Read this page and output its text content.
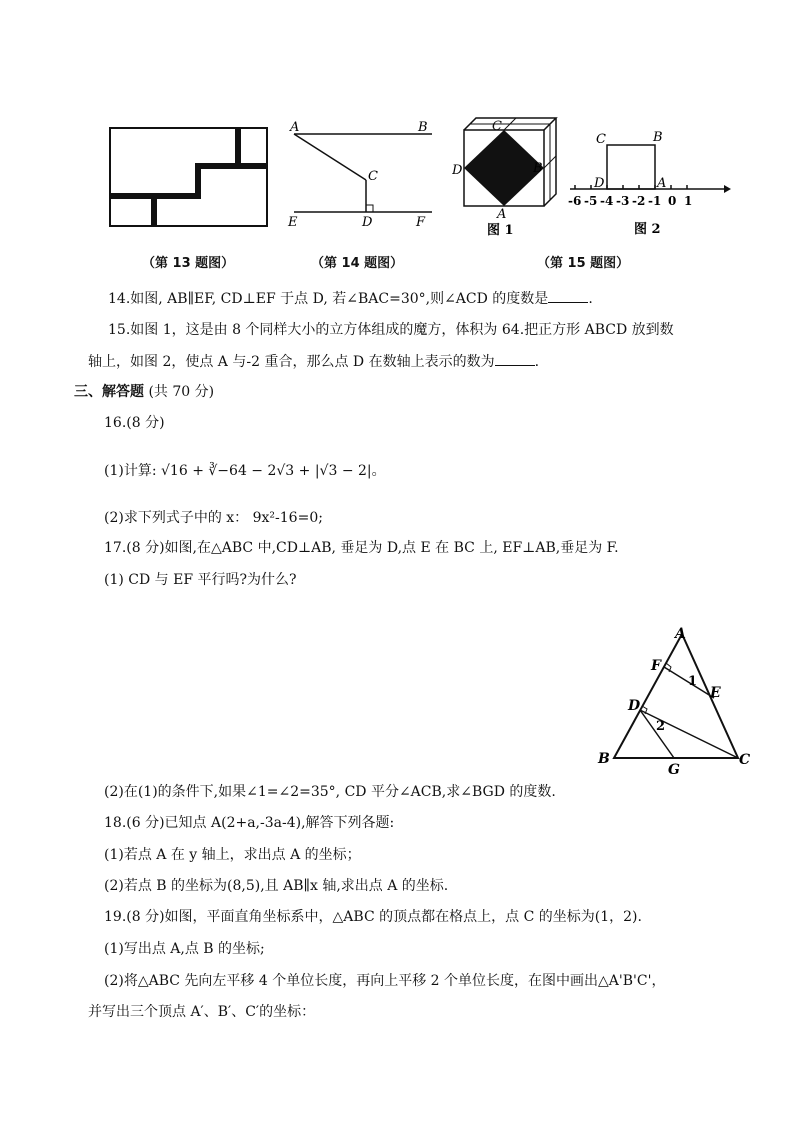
（第 13 题图）
A	B
C
D
E	F
（第 14 题图）
C
D	B
A
图 1
C	B
D	A
-6 -5 -4 -3 -2 -1 0 1
图 2
（第 15 题图）
14.如图, AB∥EF, CD⊥EF 于点 D, 若∠BAC=30°,则∠ACD 的度数是	.
15.如图 1，这是由 8 个同样大小的立方体组成的魔方，体积为 64.把正方形 ABCD 放到数
轴上，如图 2，使点 A 与-2 重合，那么点 D 在数轴上表示的数为	.
三、解答题 (共 70 分)
16.(8 分)
(1)计算: √16 + ∛−64 − 2√3 + |√3 − 2|。
(2)求下列式子中的 x： 9x²-16=0;
17.(8 分)如图,在△ABC 中,CD⊥AB, 垂足为 D,点 E 在 BC 上, EF⊥AB,垂足为 F.
(1) CD 与 EF 平行吗?为什么?
A
F
E
D
B
G
C
1
2
(2)在(1)的条件下,如果∠1=∠2=35°, CD 平分∠ACB,求∠BGD 的度数.
18.(6 分)已知点 A(2+a,-3a-4),解答下列各题:
(1)若点 A 在 y 轴上，求出点 A 的坐标；
(2)若点 B 的坐标为(8,5),且 AB∥x 轴,求出点 A 的坐标.
19.(8 分)如图，平面直角坐标系中，△ABC 的顶点都在格点上，点 C 的坐标为(1，2).
(1)写出点 A,点 B 的坐标;
(2)将△ABC 先向左平移 4 个单位长度，再向上平移 2 个单位长度，在图中画出△A'B'C'，
并写出三个顶点 A′、B′、C′的坐标：
